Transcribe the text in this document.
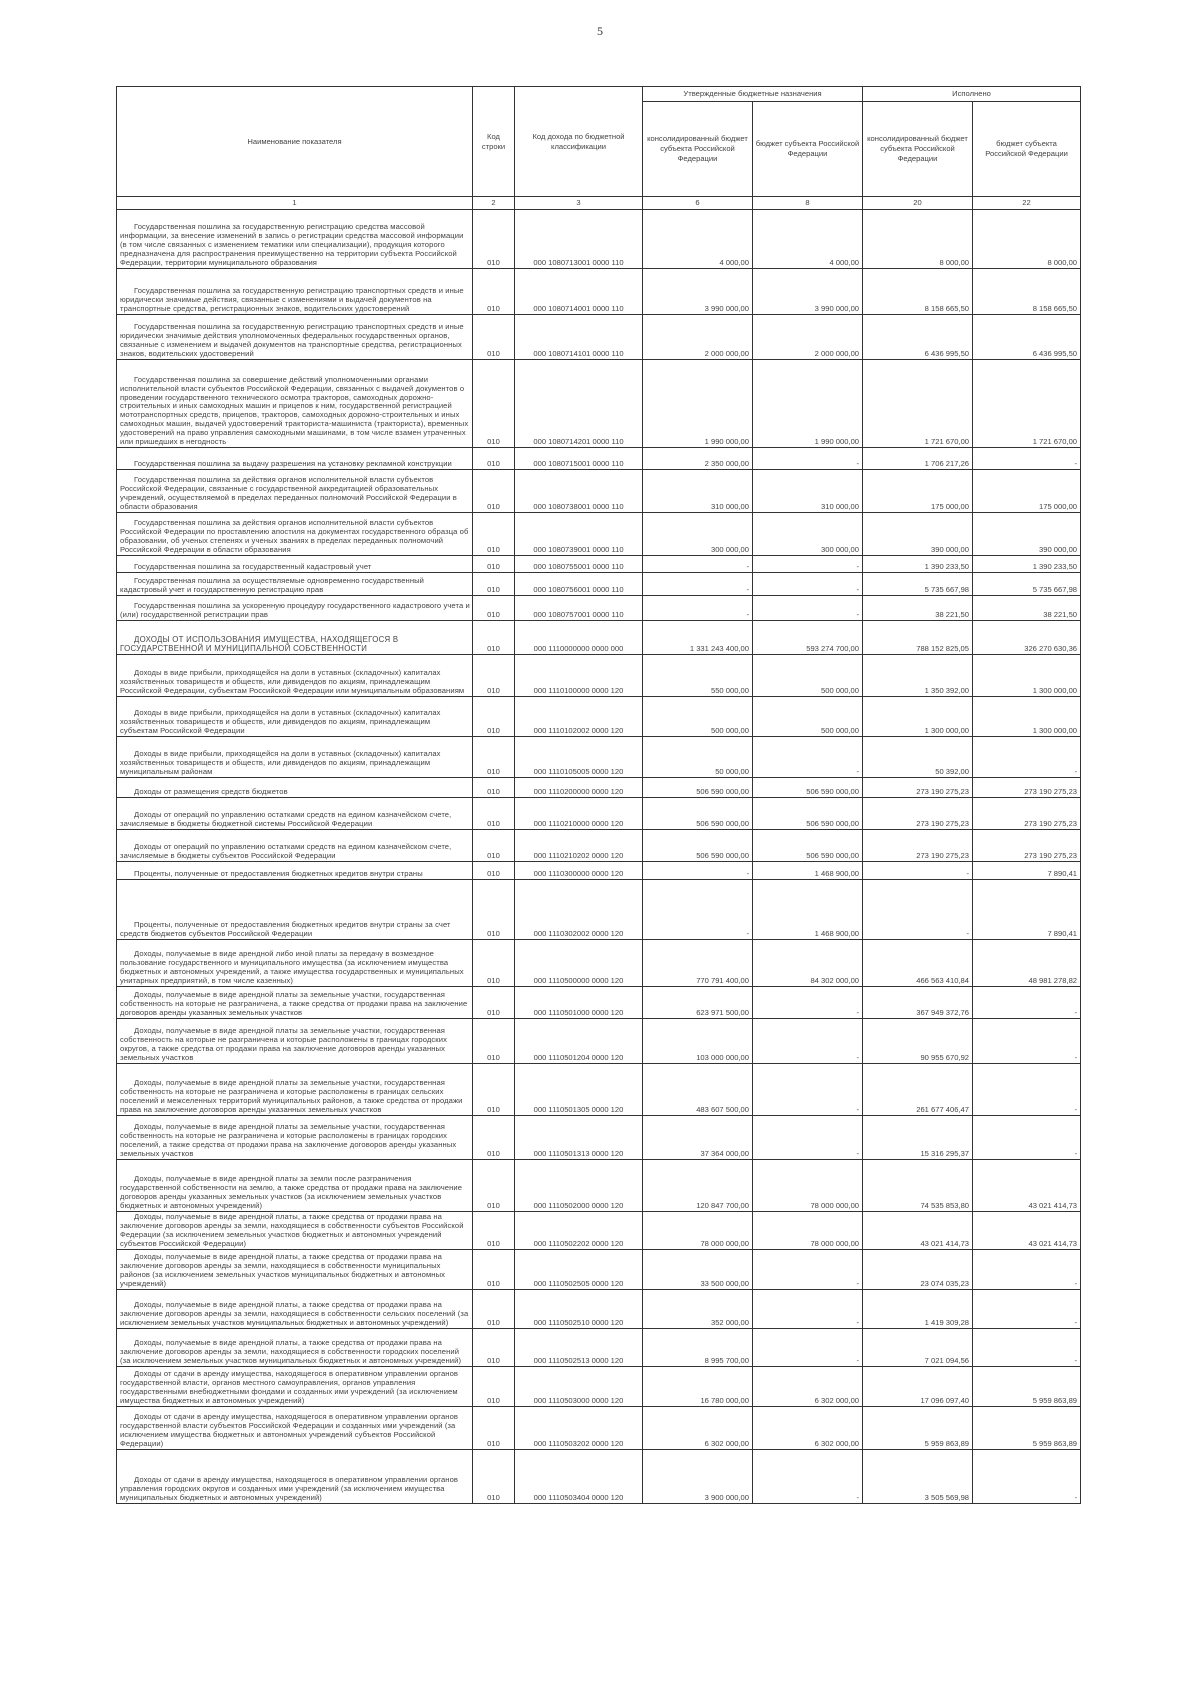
5
Наименование показателя	Код строки	Код дохода по бюджетной классификации	Утвержденные бюджетные назначения		Исполнено	
			консолидированный бюджет субъекта Российской Федерации	бюджет субъекта Российской Федерации	консолидированный бюджет субъекта Российской Федерации	бюджет субъекта Российской Федерации
1	2	3	6	8	20	22
Государственная пошлина за государственную регистрацию средства массовой информации, за внесение изменений в запись о регистрации средства массовой информации (в том числе связанных с изменением тематики или специализации), продукция которого предназначена для распространения преимущественно на территории субъекта Российской Федерации, территории муниципального образования	010	000 1080713001 0000 110	4 000,00	4 000,00	8 000,00	8 000,00
Государственная пошлина за государственную регистрацию транспортных средств и иные юридически значимые действия, связанные с изменениями и выдачей документов на транспортные средства, регистрационных знаков, водительских удостоверений	010	000 1080714001 0000 110	3 990 000,00	3 990 000,00	8 158 665,50	8 158 665,50
Государственная пошлина за государственную регистрацию транспортных средств и иные юридически значимые действия уполномоченных федеральных государственных органов, связанные с изменением и выдачей документов на транспортные средства, регистрационных знаков, водительских удостоверений	010	000 1080714101 0000 110	2 000 000,00	2 000 000,00	6 436 995,50	6 436 995,50
Государственная пошлина за совершение действий уполномоченными органами исполнительной власти субъектов Российской Федерации, связанных с выдачей документов о проведении государственного технического осмотра тракторов, самоходных дорожно-строительных и иных самоходных машин и прицепов к ним, государственной регистрацией мототранспортных средств, прицепов, тракторов, самоходных дорожно-строительных и иных самоходных машин, выдачей удостоверений тракториста-машиниста (тракториста), временных удостоверений на право управления самоходными машинами, в том числе взамен утраченных или пришедших в негодность	010	000 1080714201 0000 110	1 990 000,00	1 990 000,00	1 721 670,00	1 721 670,00
Государственная пошлина за выдачу разрешения на установку рекламной конструкции	010	000 1080715001 0000 110	2 350 000,00	-	1 706 217,26	-
Государственная пошлина за действия органов исполнительной власти субъектов Российской Федерации, связанные с государственной аккредитацией образовательных учреждений, осуществляемой в пределах переданных полномочий Российской Федерации в области образования	010	000 1080738001 0000 110	310 000,00	310 000,00	175 000,00	175 000,00
Государственная пошлина за действия органов исполнительной власти субъектов Российской Федерации по проставлению апостиля на документах государственного образца об образовании, об ученых степенях и ученых званиях в пределах переданных полномочий Российской Федерации в области образования	010	000 1080739001 0000 110	300 000,00	300 000,00	390 000,00	390 000,00
Государственная пошлина за государственный кадастровый учет	010	000 1080755001 0000 110	-	-	1 390 233,50	1 390 233,50
Государственная пошлина за осуществляемые одновременно государственный кадастровый учет и государственную регистрацию прав	010	000 1080756001 0000 110	-	-	5 735 667,98	5 735 667,98
Государственная пошлина за ускоренную процедуру государственного кадастрового учета и (или) государственной регистрации прав	010	000 1080757001 0000 110	-	-	38 221,50	38 221,50
ДОХОДЫ ОТ ИСПОЛЬЗОВАНИЯ ИМУЩЕСТВА, НАХОДЯЩЕГОСЯ В ГОСУДАРСТВЕННОЙ И МУНИЦИПАЛЬНОЙ СОБСТВЕННОСТИ	010	000 1110000000 0000 000	1 331 243 400,00	593 274 700,00	788 152 825,05	326 270 630,36
Доходы в виде прибыли, приходящейся на доли в уставных (складочных) капиталах хозяйственных товариществ и обществ, или дивидендов по акциям, принадлежащим Российской Федерации, субъектам Российской Федерации или муниципальным образованиям	010	000 1110100000 0000 120	550 000,00	500 000,00	1 350 392,00	1 300 000,00
Доходы в виде прибыли, приходящейся на доли в уставных (складочных) капиталах хозяйственных товариществ и обществ, или дивидендов по акциям, принадлежащим субъектам Российской Федерации	010	000 1110102002 0000 120	500 000,00	500 000,00	1 300 000,00	1 300 000,00
Доходы в виде прибыли, приходящейся на доли в уставных (складочных) капиталах хозяйственных товариществ и обществ, или дивидендов по акциям, принадлежащим муниципальным районам	010	000 1110105005 0000 120	50 000,00	-	50 392,00	-
Доходы от размещения средств бюджетов	010	000 1110200000 0000 120	506 590 000,00	506 590 000,00	273 190 275,23	273 190 275,23
Доходы от операций по управлению остатками средств на едином казначейском счете, зачисляемые в бюджеты бюджетной системы Российской Федерации	010	000 1110210000 0000 120	506 590 000,00	506 590 000,00	273 190 275,23	273 190 275,23
Доходы от операций по управлению остатками средств на едином казначейском счете, зачисляемые в бюджеты субъектов Российской Федерации	010	000 1110210202 0000 120	506 590 000,00	506 590 000,00	273 190 275,23	273 190 275,23
Проценты, полученные от предоставления бюджетных кредитов внутри страны	010	000 1110300000 0000 120	-	1 468 900,00	-	7 890,41
Проценты, полученные от предоставления бюджетных кредитов внутри страны за счет средств бюджетов субъектов Российской Федерации	010	000 1110302002 0000 120	-	1 468 900,00	-	7 890,41
Доходы, получаемые в виде арендной либо иной платы за передачу в возмездное пользование государственного и муниципального имущества (за исключением имущества бюджетных и автономных учреждений, а также имущества государственных и муниципальных унитарных предприятий, в том числе казенных)	010	000 1110500000 0000 120	770 791 400,00	84 302 000,00	466 563 410,84	48 981 278,82
Доходы, получаемые в виде арендной платы за земельные участки, государственная собственность на которые не разграничена, а также средства от продажи права на заключение договоров аренды указанных земельных участков	010	000 1110501000 0000 120	623 971 500,00	-	367 949 372,76	-
Доходы, получаемые в виде арендной платы за земельные участки, государственная собственность на которые не разграничена и которые расположены в границах городских округов, а также средства от продажи права на заключение договоров аренды указанных земельных участков	010	000 1110501204 0000 120	103 000 000,00	-	90 955 670,92	-
Доходы, получаемые в виде арендной платы за земельные участки, государственная собственность на которые не разграничена и которые расположены в границах сельских поселений и межселенных территорий муниципальных районов, а также средства от продажи права на заключение договоров аренды указанных земельных участков	010	000 1110501305 0000 120	483 607 500,00	-	261 677 406,47	-
Доходы, получаемые в виде арендной платы за земельные участки, государственная собственность на которые не разграничена и которые расположены в границах городских поселений, а также средства от продажи права на заключение договоров аренды указанных земельных участков	010	000 1110501313 0000 120	37 364 000,00	-	15 316 295,37	-
Доходы, получаемые в виде арендной платы за земли после разграничения государственной собственности на землю, а также средства от продажи права на заключение договоров аренды указанных земельных участков (за исключением земельных участков бюджетных и автономных учреждений)	010	000 1110502000 0000 120	120 847 700,00	78 000 000,00	74 535 853,80	43 021 414,73
Доходы, получаемые в виде арендной платы, а также средства от продажи права на заключение договоров аренды за земли, находящиеся в собственности субъектов Российской Федерации (за исключением земельных участков бюджетных и автономных учреждений субъектов Российской Федерации)	010	000 1110502202 0000 120	78 000 000,00	78 000 000,00	43 021 414,73	43 021 414,73
Доходы, получаемые в виде арендной платы, а также средства от продажи права на заключение договоров аренды за земли, находящиеся в собственности муниципальных районов (за исключением земельных участков муниципальных бюджетных и автономных учреждений)	010	000 1110502505 0000 120	33 500 000,00	-	23 074 035,23	-
Доходы, получаемые в виде арендной платы, а также средства от продажи права на заключение договоров аренды за земли, находящиеся в собственности сельских поселений (за исключением земельных участков муниципальных бюджетных и автономных учреждений)	010	000 1110502510 0000 120	352 000,00	-	1 419 309,28	-
Доходы, получаемые в виде арендной платы, а также средства от продажи права на заключение договоров аренды за земли, находящиеся в собственности городских поселений (за исключением земельных участков муниципальных бюджетных и автономных учреждений)	010	000 1110502513 0000 120	8 995 700,00	-	7 021 094,56	-
Доходы от сдачи в аренду имущества, находящегося в оперативном управлении органов государственной власти, органов местного самоуправления, органов управления государственными внебюджетными фондами и созданных ими учреждений (за исключением имущества бюджетных и автономных учреждений)	010	000 1110503000 0000 120	16 780 000,00	6 302 000,00	17 096 097,40	5 959 863,89
Доходы от сдачи в аренду имущества, находящегося в оперативном управлении органов государственной власти субъектов Российской Федерации и созданных ими учреждений (за исключением имущества бюджетных и автономных учреждений субъектов Российской Федерации)	010	000 1110503202 0000 120	6 302 000,00	6 302 000,00	5 959 863,89	5 959 863,89
Доходы от сдачи в аренду имущества, находящегося в оперативном управлении органов управления городских округов и созданных ими учреждений (за исключением имущества муниципальных бюджетных и автономных учреждений)	010	000 1110503404 0000 120	3 900 000,00	-	3 505 569,98	-
